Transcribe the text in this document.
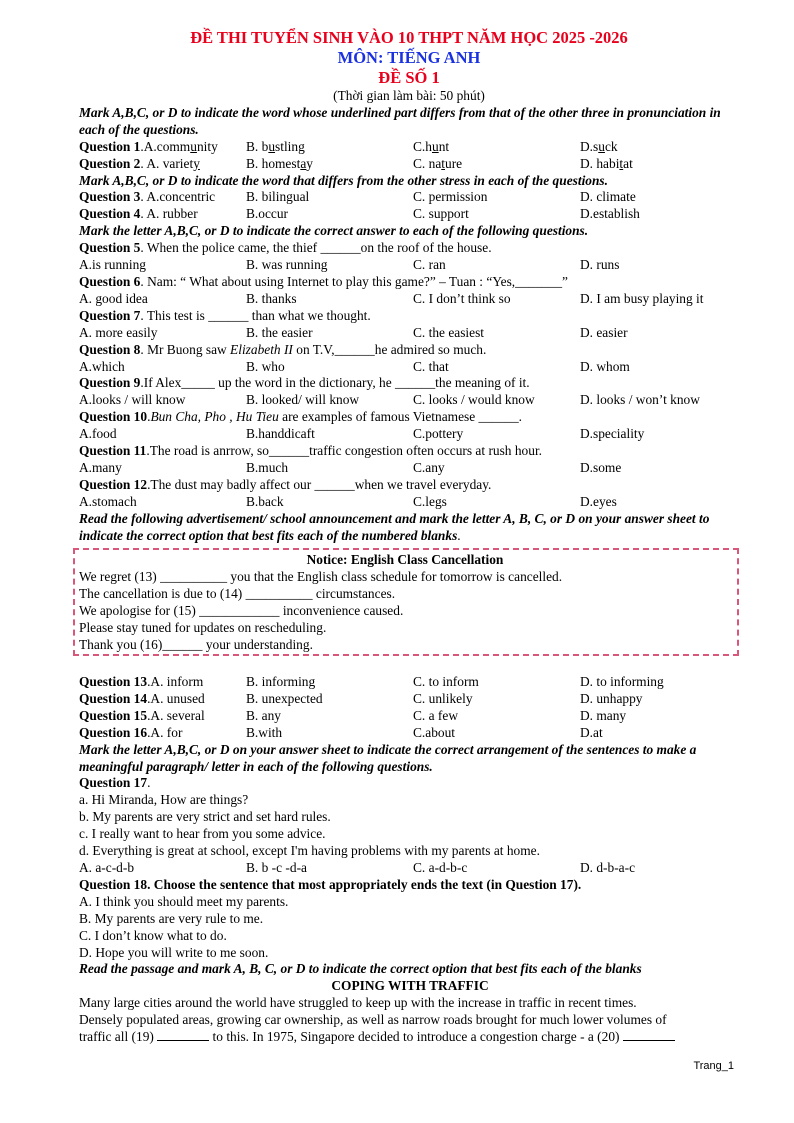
ĐỀ THI TUYỂN SINH VÀO 10 THPT NĂM HỌC 2025 -2026
MÔN: TIẾNG ANH
ĐỀ SỐ 1
(Thời gian làm bài: 50 phút)
Mark A,B,C, or D to indicate the word whose underlined part differs from that of the other three in pronunciation in each of the questions.
Question 1.A.community	B. bustling	C.hunt	D.suck
Question 2. A. variety	B. homestay	C. nature	D. habitat
Mark A,B,C, or D to indicate the word that differs from the other stress in each of the questions.
Question 3. A.concentric	B. bilingual	C. permission	D. climate
Question 4. A. rubber	B.occur	C. support	D.establish
Mark the letter A,B,C, or D to indicate the correct answer to each of the following questions.
Question 5. When the police came, the thief ______on the roof of the house.
A.is running	B. was running	C. ran	D. runs
Question 6. Nam: “ What about using Internet to play this game?” – Tuan : “Yes,_______”
A. good idea	B. thanks	C. I don’t think so	D. I am busy playing it
Question 7. This test is ______ than what we thought.
A. more easily	B. the easier	C. the easiest	D. easier
Question 8. Mr Buong saw Elizabeth II on T.V,______he admired so much.
A.which	B. who	C. that	D. whom
Question 9.If Alex_____ up the word in the dictionary, he ______the meaning of it.
A.looks / will know	B. looked/ will know	C. looks / would know	D. looks / won’t know
Question 10.Bun Cha, Pho , Hu Tieu are examples of famous Vietnamese ______.
A.food	B.handdicaft	C.pottery	D.speciality
Question 11.The road is anrrow, so______traffic congestion often occurs at rush hour.
A.many	B.much	C.any	D.some
Question 12.The dust may badly affect our ______when we travel everyday.
A.stomach	B.back	C.legs	D.eyes
Read the following advertisement/ school announcement and mark the letter A, B, C, or D on your answer sheet to indicate the correct option that best fits each of the numbered blanks.
Notice: English Class Cancellation
We regret (13) __________ you that the English class schedule for tomorrow is cancelled.
The cancellation is due to (14) __________ circumstances.
We apologise for (15) ____________ inconvenience caused.
Please stay tuned for updates on rescheduling.
Thank you (16)______ your understanding.
Question 13.A. inform	B. informing	C. to inform	D. to informing
Question 14.A. unused	B. unexpected	C. unlikely	D. unhappy
Question 15.A. several	B. any	C. a few	D. many
Question 16.A. for	B.with	C.about	D.at
Mark the letter A,B,C, or D on your answer sheet to indicate the correct arrangement of the sentences to make a meaningful paragraph/ letter in each of the following questions.
Question 17.
a. Hi Miranda, How are things?
b. My parents are very strict and set hard rules.
c. I really want to hear from you some advice.
d. Everything is great at school, except I'm having problems with my parents at home.
A. a-c-d-b	B. b -c -d-a	C. a-d-b-c	D. d-b-a-c
Question 18. Choose the sentence that most appropriately ends the text (in Question 17).
A. I think you should meet my parents.
B. My parents are very rule to me.
C. I don’t know what to do.
D. Hope you will write to me soon.
Read the passage and mark A, B, C, or D to indicate the correct option that best fits each of the blanks
COPING WITH TRAFFIC
Many large cities around the world have struggled to keep up with the increase in traffic in recent times.
Densely populated areas, growing car ownership, as well as narrow roads brought for much lower volumes of
traffic all (19)	to this. In 1975, Singapore decided to introduce a congestion charge - a (20)
Trang_1
